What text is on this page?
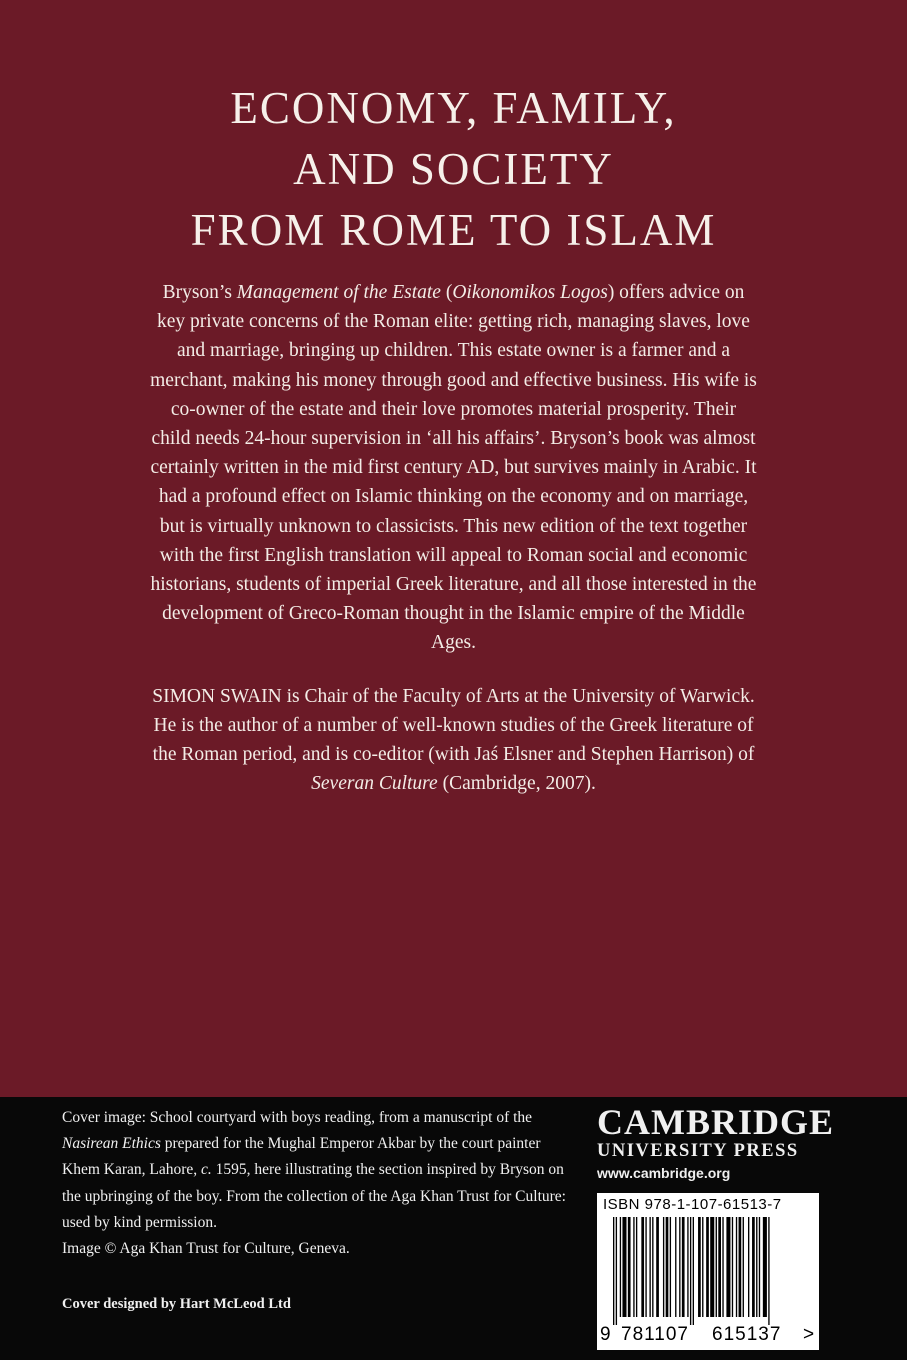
ECONOMY, FAMILY,
AND SOCIETY
FROM ROME TO ISLAM

Bryson’s Management of the Estate (Oikonomikos Logos) offers advice on key private concerns of the Roman elite: getting rich, managing slaves, love and marriage, bringing up children. This estate owner is a farmer and a merchant, making his money through good and effective business. His wife is co-owner of the estate and their love promotes material prosperity. Their child needs 24-hour supervision in ‘all his affairs’. Bryson’s book was almost certainly written in the mid first century AD, but survives mainly in Arabic. It had a profound effect on Islamic thinking on the economy and on marriage, but is virtually unknown to classicists. This new edition of the text together with the first English translation will appeal to Roman social and economic historians, students of imperial Greek literature, and all those interested in the development of Greco-Roman thought in the Islamic empire of the Middle Ages.

SIMON SWAIN is Chair of the Faculty of Arts at the University of Warwick. He is the author of a number of well-known studies of the Greek literature of the Roman period, and is co-editor (with Jaś Elsner and Stephen Harrison) of Severan Culture (Cambridge, 2007).

Cover image: School courtyard with boys reading, from a manuscript of the Nasirean Ethics prepared for the Mughal Emperor Akbar by the court painter Khem Karan, Lahore, c. 1595, here illustrating the section inspired by Bryson on the upbringing of the boy. From the collection of the Aga Khan Trust for Culture: used by kind permission.
Image © Aga Khan Trust for Culture, Geneva.
Cover designed by Hart McLeod Ltd
CAMBRIDGE
UNIVERSITY PRESS
www.cambridge.org
ISBN 978-1-107-61513-7
9 781107 615137 >
